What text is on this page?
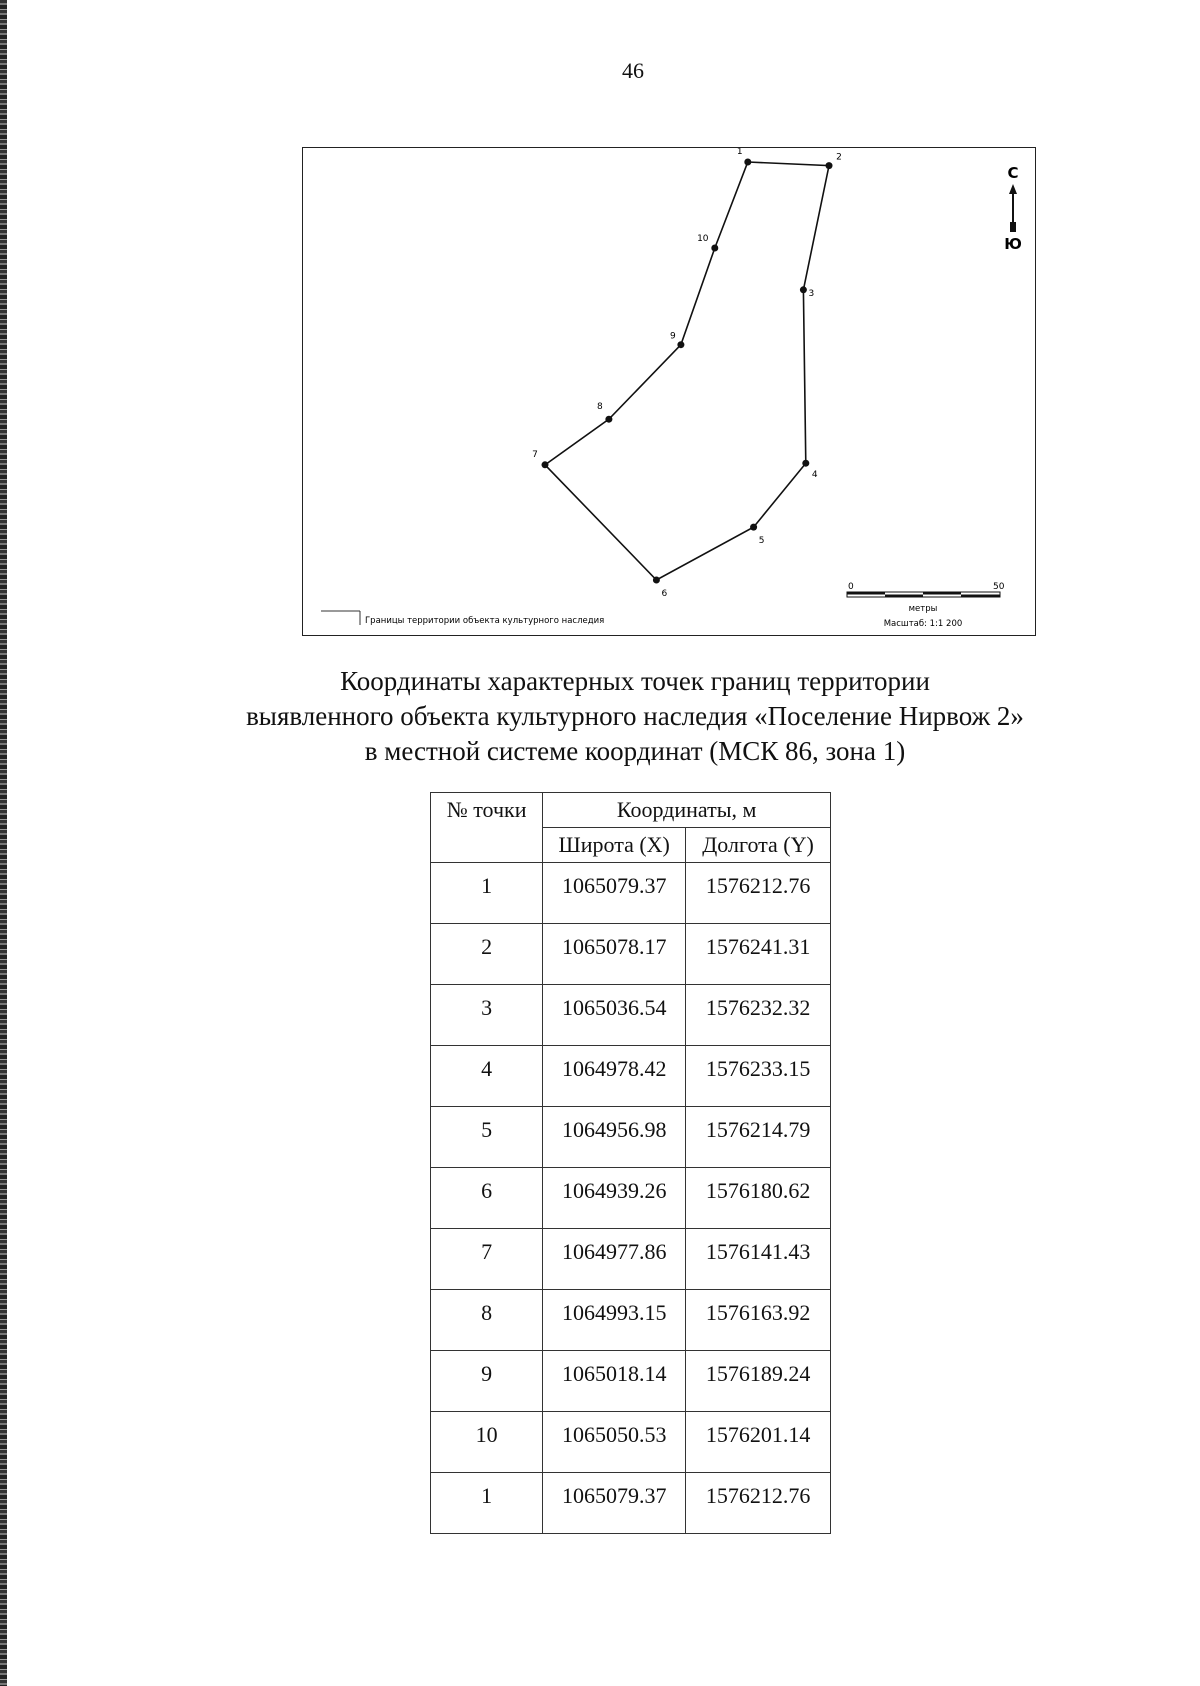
46
1
2
3
4
5
6
7
8
9
10
С
Ю
Границы территории объекта культурного наследия
0	50
метры
Масштаб: 1:1 200
Координаты характерных точек границ территории
выявленного объекта культурного наследия «Поселение Нирвож 2»
в местной системе координат (МСК 86, зона 1)
№ точки	Координаты, м	
	Широта (X)	Долгота (Y)
1	1065079.37	1576212.76
2	1065078.17	1576241.31
3	1065036.54	1576232.32
4	1064978.42	1576233.15
5	1064956.98	1576214.79
6	1064939.26	1576180.62
7	1064977.86	1576141.43
8	1064993.15	1576163.92
9	1065018.14	1576189.24
10	1065050.53	1576201.14
1	1065079.37	1576212.76
